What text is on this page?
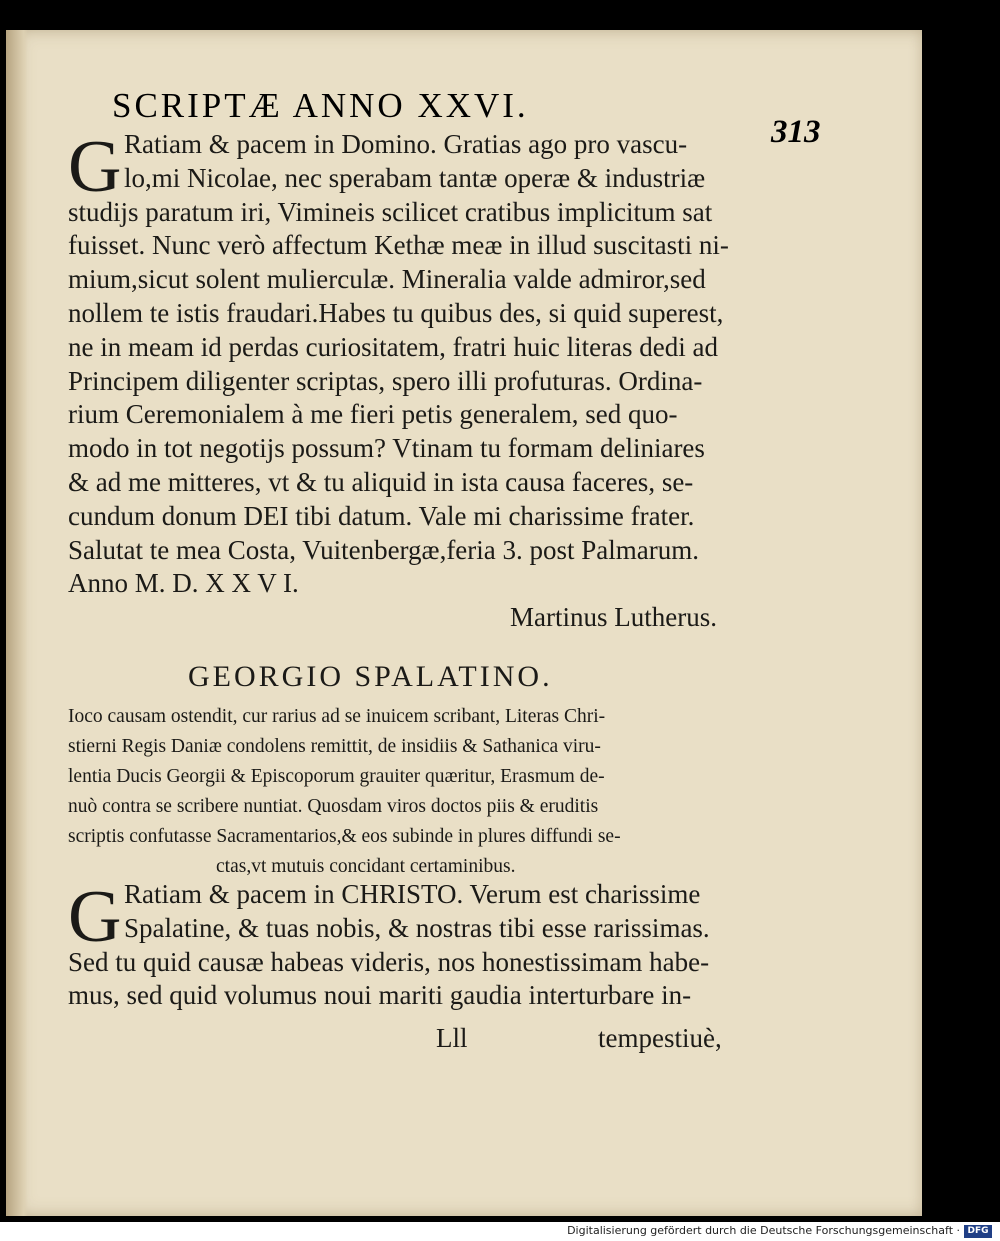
SCRIPTÆ ANNO XXVI.
313
G Ratiam & pacem in Domino. Gratias ago pro vascu-
lo,mi Nicolae, nec sperabam tantæ operæ & industriæ
studijs paratum iri, Vimineis scilicet cratibus implicitum sat
fuisset. Nunc verò affectum Kethæ meæ in illud suscitasti ni-
mium,sicut solent mulierculæ. Mineralia valde admiror,sed
nollem te istis fraudari.Habes tu quibus des, si quid superest,
ne in meam id perdas curiositatem, fratri huic literas dedi ad
Principem diligenter scriptas, spero illi profuturas. Ordina-
rium Ceremonialem à me fieri petis generalem, sed quo-
modo in tot negotijs possum? Vtinam tu formam deliniares
& ad me mitteres, vt & tu aliquid in ista causa faceres, se-
cundum donum DEI tibi datum. Vale mi charissime frater.
Salutat te mea Costa, Vuitenbergæ,feria 3. post Palmarum.
Anno M. D. X X V I.
Martinus Lutherus.
GEORGIO SPALATINO.
Ioco causam ostendit, cur rarius ad se inuicem scribant, Literas Chri-
stierni Regis Daniæ condolens remittit, de insidiis & Sathanica viru-
lentia Ducis Georgii & Episcoporum grauiter quæritur, Erasmum de-
nuò contra se scribere nuntiat. Quosdam viros doctos piis & eruditis
scriptis confutasse Sacramentarios,& eos subinde in plures diffundi se-
ctas,vt mutuis concidant certaminibus.
G Ratiam & pacem in CHRISTO. Verum est charissime
Spalatine, & tuas nobis, & nostras tibi esse rarissimas.
Sed tu quid causæ habeas videris, nos honestissimam habe-
mus, sed quid volumus noui mariti gaudia interturbare in-
Lll	tempestiuè,
Digitalisierung gefördert durch die Deutsche Forschungsgemeinschaft · DFG
